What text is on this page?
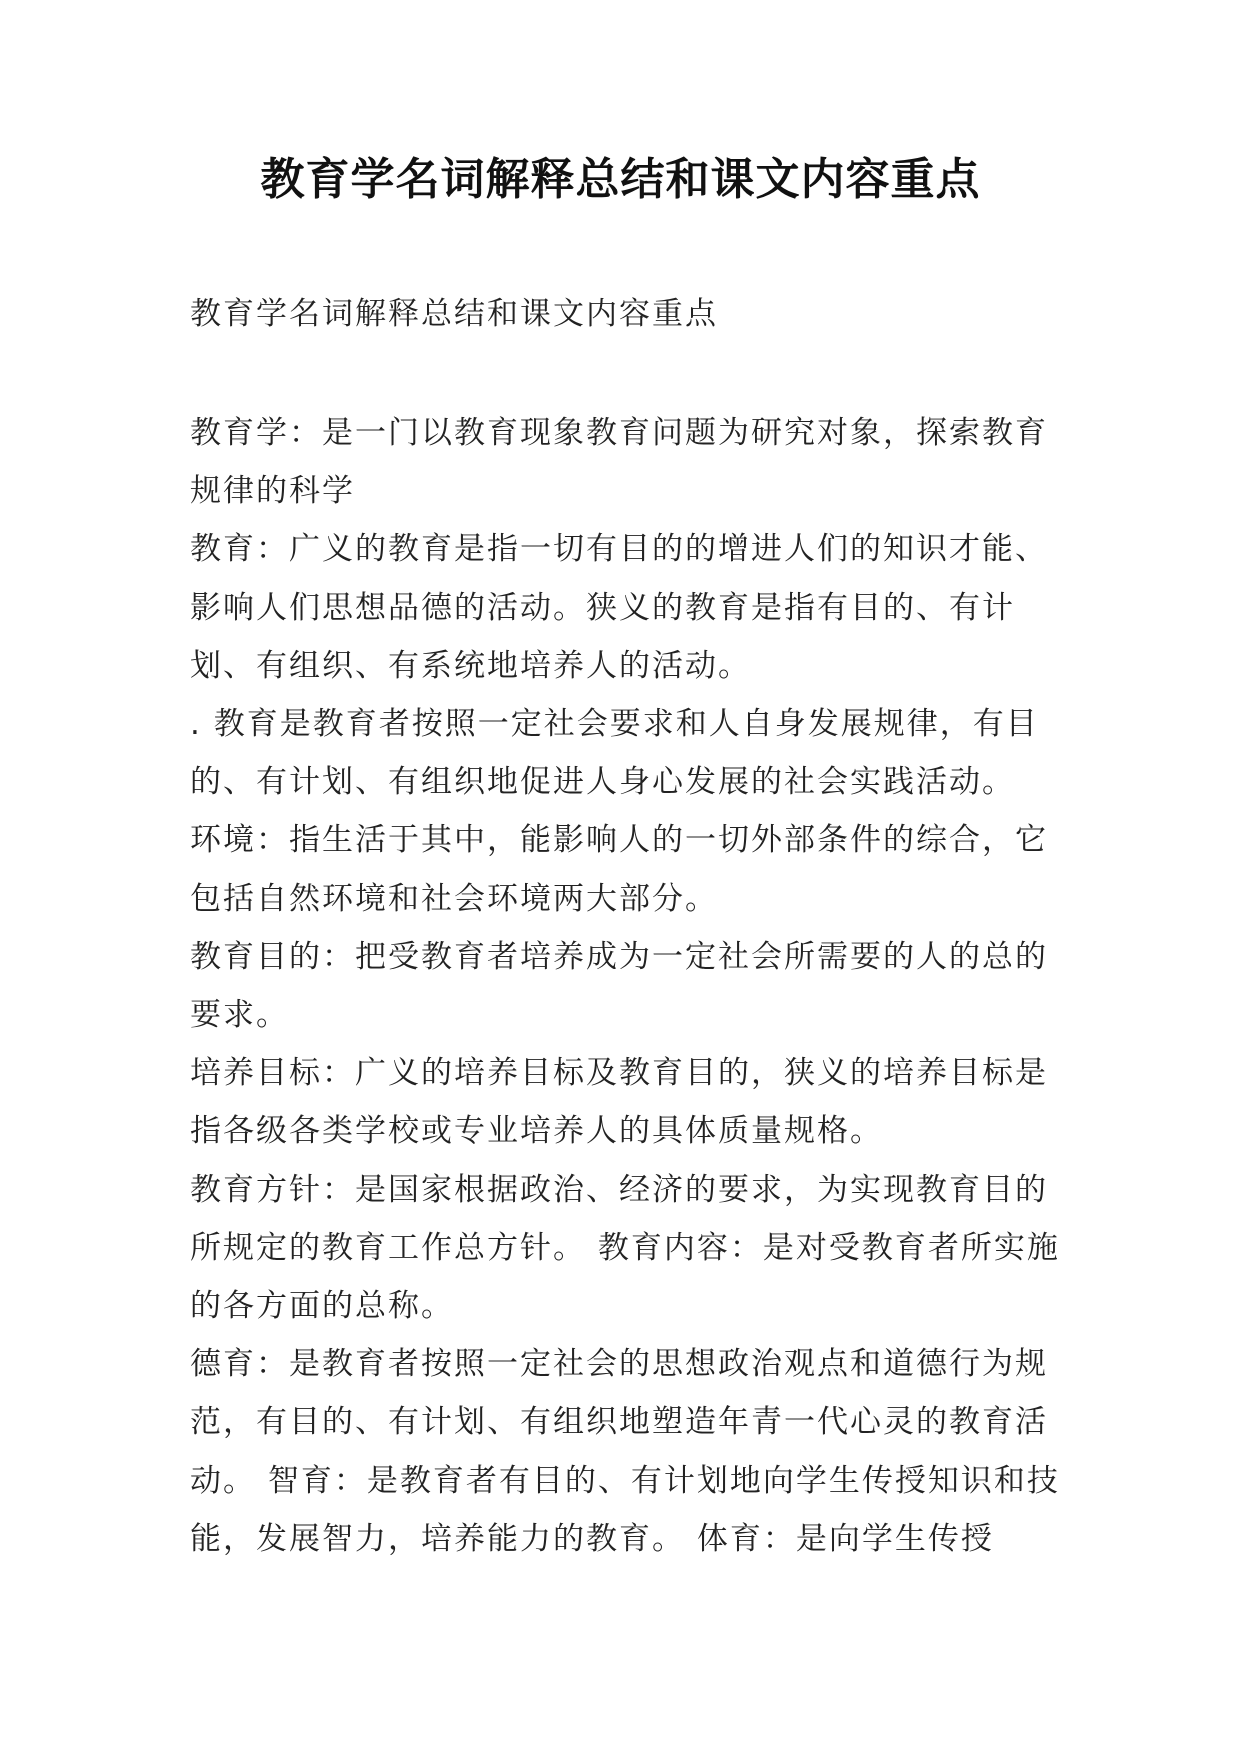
教育学名词解释总结和课文内容重点

教育学名词解释总结和课文内容重点

教育学：是一门以教育现象教育问题为研究对象，探索教育规律的科学

教育：广义的教育是指一切有目的的增进人们的知识才能、影响人们思想品德的活动。狭义的教育是指有目的、有计划、有组织、有系统地培养人的活动。

. 教育是教育者按照一定社会要求和人自身发展规律，有目的、有计划、有组织地促进人身心发展的社会实践活动。

环境：指生活于其中，能影响人的一切外部条件的综合，它包括自然环境和社会环境两大部分。

教育目的：把受教育者培养成为一定社会所需要的人的总的要求。

培养目标：广义的培养目标及教育目的，狭义的培养目标是指各级各类学校或专业培养人的具体质量规格。

教育方针：是国家根据政治、经济的要求，为实现教育目的所规定的教育工作总方针。 教育内容：是对受教育者所实施的各方面的总称。

德育：是教育者按照一定社会的思想政治观点和道德行为规范，有目的、有计划、有组织地塑造年青一代心灵的教育活动。 智育：是教育者有目的、有计划地向学生传授知识和技能，发展智力，培养能力的教育。 体育：是向学生传授
